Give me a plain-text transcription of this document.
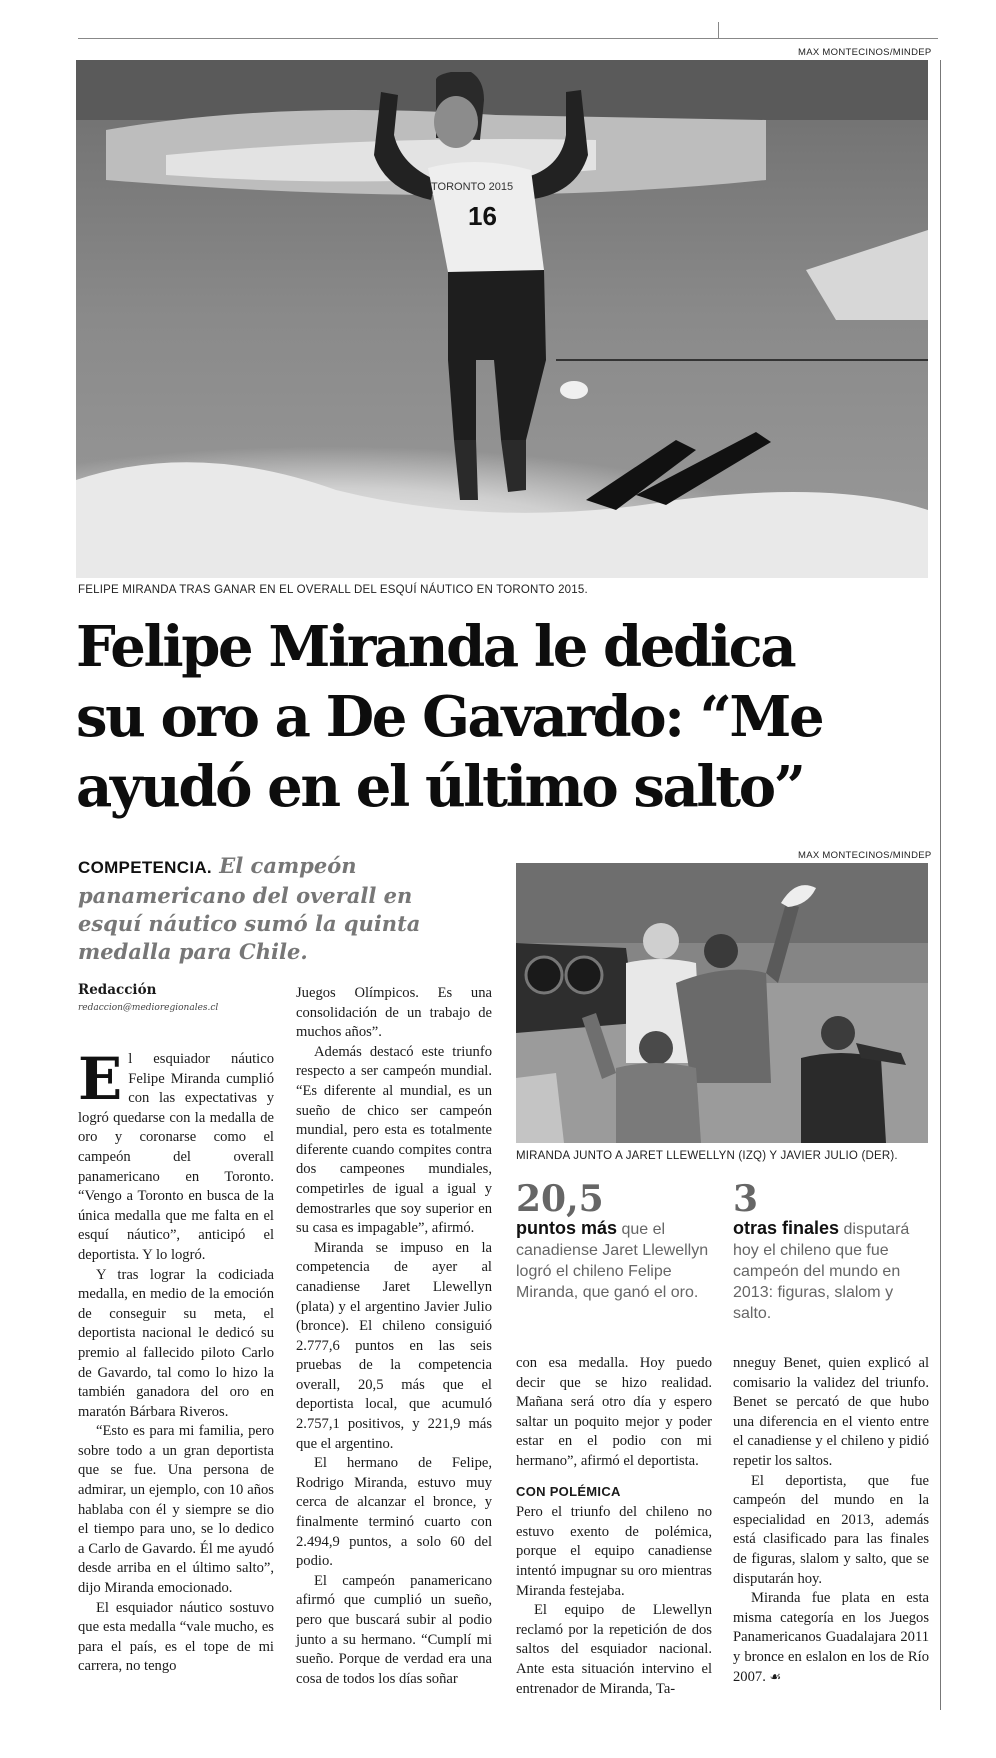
MAX MONTECINOS/MINDEP
TORONTO 2015
16
FELIPE MIRANDA TRAS GANAR EN EL OVERALL DEL ESQUÍ NÁUTICO EN TORONTO 2015.
Felipe Miranda le dedica
su oro a De Gavardo: “Me
ayudó en el último salto”
COMPETENCIA. El campeón panamericano del overall en esquí náutico sumó la quinta medalla para Chile.
Redacción
redaccion@medioregionales.cl
MAX MONTECINOS/MINDEP
MIRANDA JUNTO A JARET LLEWELLYN (IZQ) Y JAVIER JULIO (DER).
20,5
puntos más que el canadiense Jaret Llewellyn logró el chileno Felipe Miranda, que ganó el oro.
3
otras finales disputará hoy el chileno que fue campeón del mundo en 2013: figuras, slalom y salto.

El esquiador náutico Felipe Miranda cumplió con las expectativas y logró quedarse con la medalla de oro y coronarse como el campeón del overall panamericano en Toronto. “Vengo a Toronto en busca de la única medalla que me falta en el esquí náutico”, anticipó el deportista. Y lo logró.

Y tras lograr la codiciada medalla, en medio de la emoción de conseguir su meta, el deportista nacional le dedicó su premio al fallecido piloto Carlo de Gavardo, tal como lo hizo la también ganadora del oro en maratón Bárbara Riveros.

“Esto es para mi familia, pero sobre todo a un gran deportista que se fue. Una persona de admirar, un ejemplo, con 10 años hablaba con él y siempre se dio el tiempo para uno, se lo dedico a Carlo de Gavardo. Él me ayudó desde arriba en el último salto”, dijo Miranda emocionado.

El esquiador náutico sostuvo que esta medalla “vale mucho, es para el país, es el tope de mi carrera, no tengo

Juegos Olímpicos. Es una consolidación de un trabajo de muchos años”.

Además destacó este triunfo respecto a ser campeón mundial. “Es diferente al mundial, es un sueño de chico ser campeón mundial, pero esta es totalmente diferente cuando compites contra dos campeones mundiales, competirles de igual a igual y demostrarles que soy superior en su casa es impagable”, afirmó.

Miranda se impuso en la competencia de ayer al canadiense Jaret Llewellyn (plata) y el argentino Javier Julio (bronce). El chileno consiguió 2.777,6 puntos en las seis pruebas de la competencia overall, 20,5 más que el deportista local, que acumuló 2.757,1 positivos, y 221,9 más que el argentino.

El hermano de Felipe, Rodrigo Miranda, estuvo muy cerca de alcanzar el bronce, y finalmente terminó cuarto con 2.494,9 puntos, a solo 60 del podio.

El campeón panamericano afirmó que cumplió un sueño, pero que buscará subir al podio junto a su hermano. “Cumplí mi sueño. Porque de verdad era una cosa de todos los días soñar

con esa medalla. Hoy puedo decir que se hizo realidad. Mañana será otro día y espero saltar un poquito mejor y poder estar en el podio con mi hermano”, afirmó el deportista.

CON POLÉMICA

Pero el triunfo del chileno no estuvo exento de polémica, porque el equipo canadiense intentó impugnar su oro mientras Miranda festejaba.

El equipo de Llewellyn reclamó por la repetición de dos saltos del esquiador nacional. Ante esta situación intervino el entrenador de Miranda, Ta-

nneguy Benet, quien explicó al comisario la validez del triunfo. Benet se percató de que hubo una diferencia en el viento entre el canadiense y el chileno y pidió repetir los saltos.

El deportista, que fue campeón del mundo en la especialidad en 2013, además está clasificado para las finales de figuras, slalom y salto, que se disputarán hoy.

Miranda fue plata en esta misma categoría en los Juegos Panamericanos Guadalajara 2011 y bronce en eslalon en los de Río 2007. ☙
